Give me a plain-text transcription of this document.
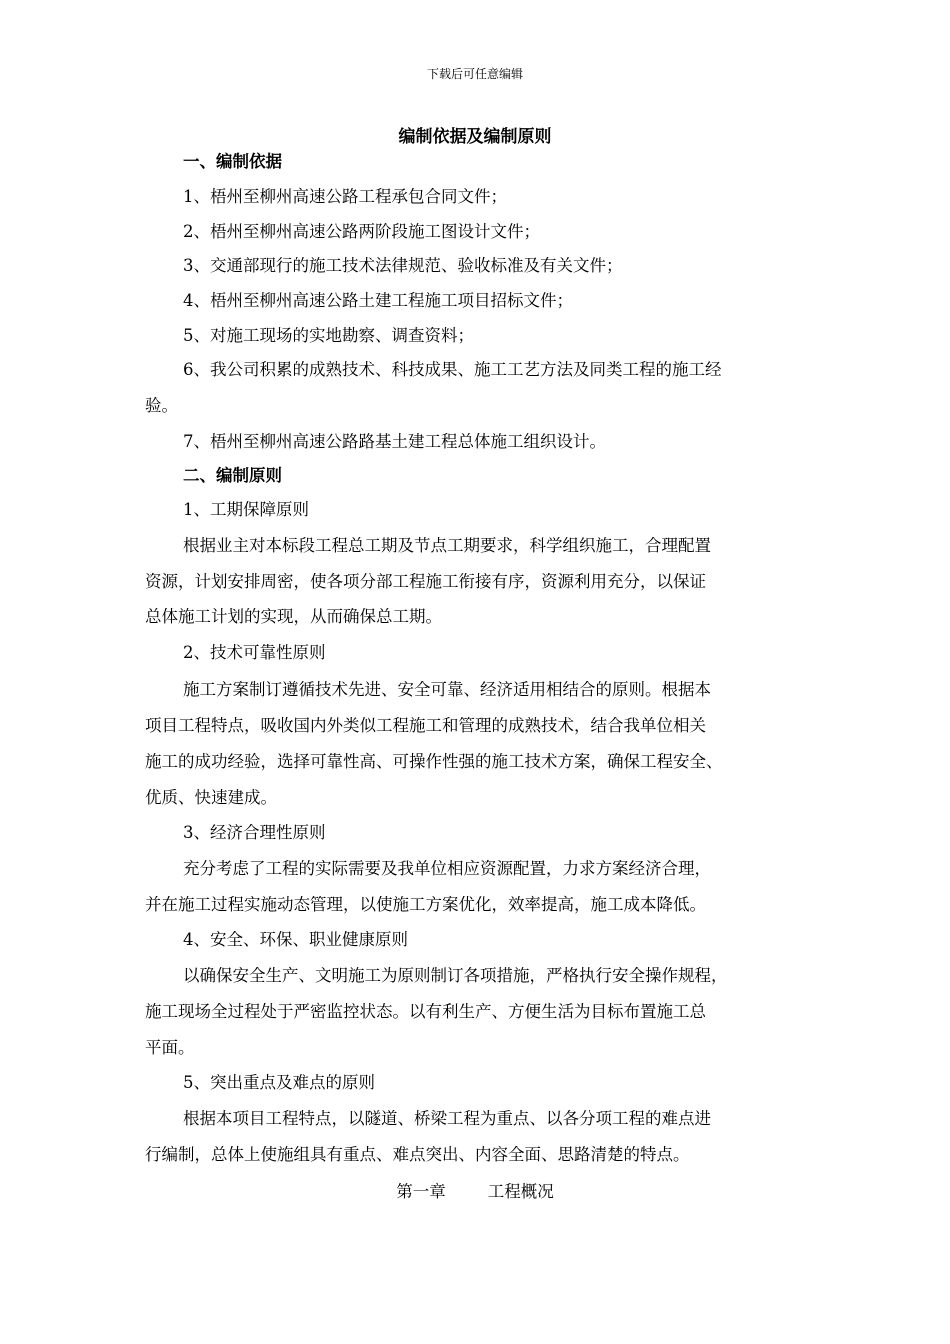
下载后可任意编辑
编制依据及编制原则
一、编制依据
1、梧州至柳州高速公路工程承包合同文件；
2、梧州至柳州高速公路两阶段施工图设计文件；
3、交通部现行的施工技术法律规范、验收标准及有关文件；
4、梧州至柳州高速公路土建工程施工项目招标文件；
5、对施工现场的实地勘察、调查资料；
6、我公司积累的成熟技术、科技成果、施工工艺方法及同类工程的施工经
验。
7、梧州至柳州高速公路路基土建工程总体施工组织设计。
二、编制原则
1、工期保障原则
根据业主对本标段工程总工期及节点工期要求，科学组织施工，合理配置
资源，计划安排周密，使各项分部工程施工衔接有序，资源利用充分，以保证
总体施工计划的实现，从而确保总工期。
2、技术可靠性原则
施工方案制订遵循技术先进、安全可靠、经济适用相结合的原则。根据本
项目工程特点，吸收国内外类似工程施工和管理的成熟技术，结合我单位相关
施工的成功经验，选择可靠性高、可操作性强的施工技术方案，确保工程安全、
优质、快速建成。
3、经济合理性原则
充分考虑了工程的实际需要及我单位相应资源配置，力求方案经济合理，
并在施工过程实施动态管理，以使施工方案优化，效率提高，施工成本降低。
4、安全、环保、职业健康原则
以确保安全生产、文明施工为原则制订各项措施，严格执行安全操作规程，
施工现场全过程处于严密监控状态。以有利生产、方便生活为目标布置施工总
平面。
5、突出重点及难点的原则
根据本项目工程特点，以隧道、桥梁工程为重点、以各分项工程的难点进
行编制，总体上使施组具有重点、难点突出、内容全面、思路清楚的特点。
第一章        工程概况
